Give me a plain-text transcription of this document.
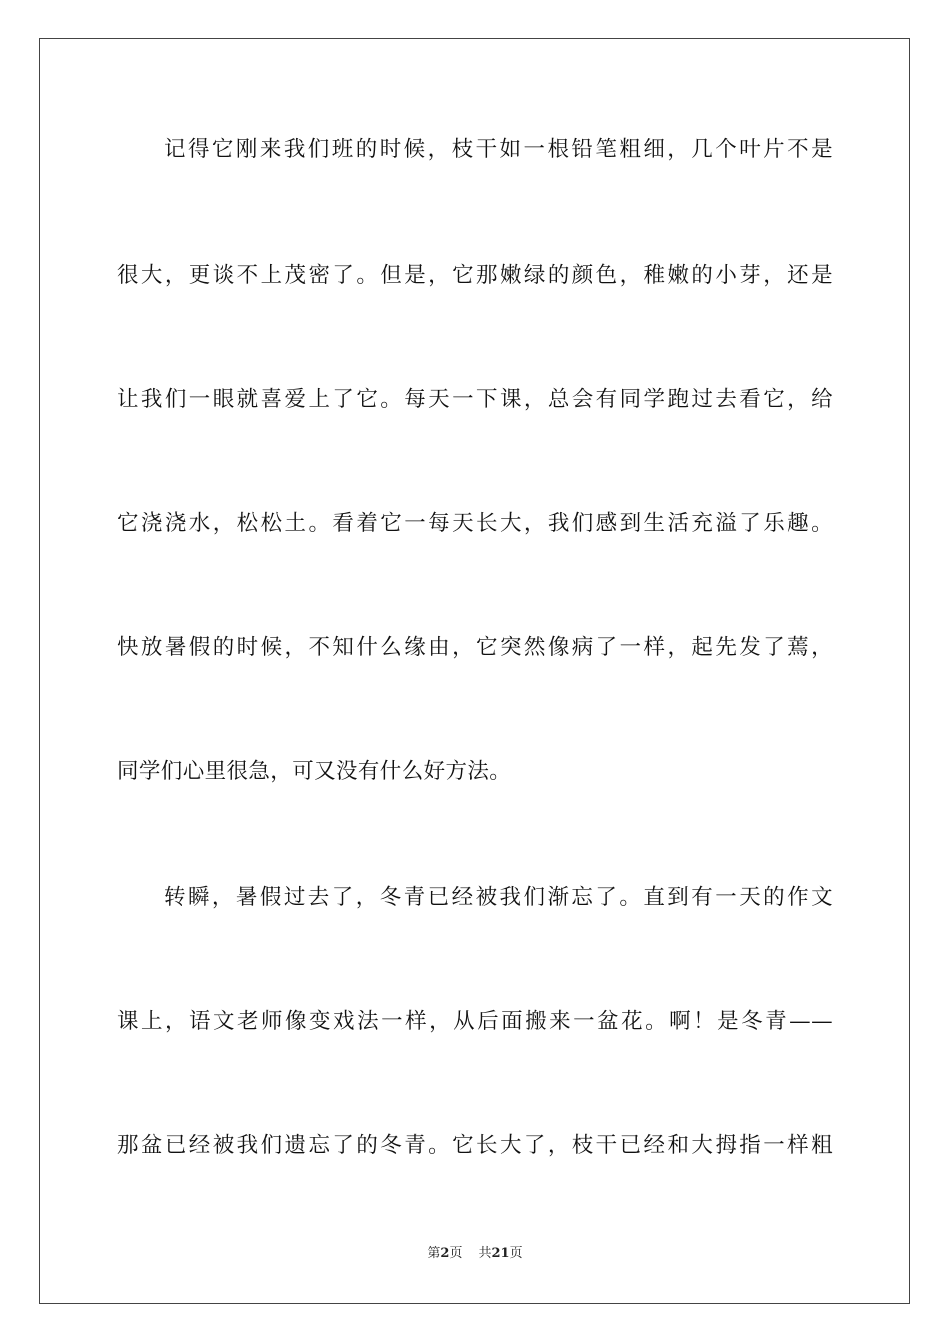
记得它刚来我们班的时候，枝干如一根铅笔粗细，几个叶片不是
很大，更谈不上茂密了。但是，它那嫩绿的颜色，稚嫩的小芽，还是
让我们一眼就喜爱上了它。每天一下课，总会有同学跑过去看它，给
它浇浇水，松松土。看着它一每天长大，我们感到生活充溢了乐趣。
快放暑假的时候，不知什么缘由，它突然像病了一样，起先发了蔫，
同学们心里很急，可又没有什么好方法。
转瞬，暑假过去了，冬青已经被我们渐忘了。直到有一天的作文
课上，语文老师像变戏法一样，从后面搬来一盆花。啊！是冬青——
那盆已经被我们遗忘了的冬青。它长大了，枝干已经和大拇指一样粗
第2页 共21页
